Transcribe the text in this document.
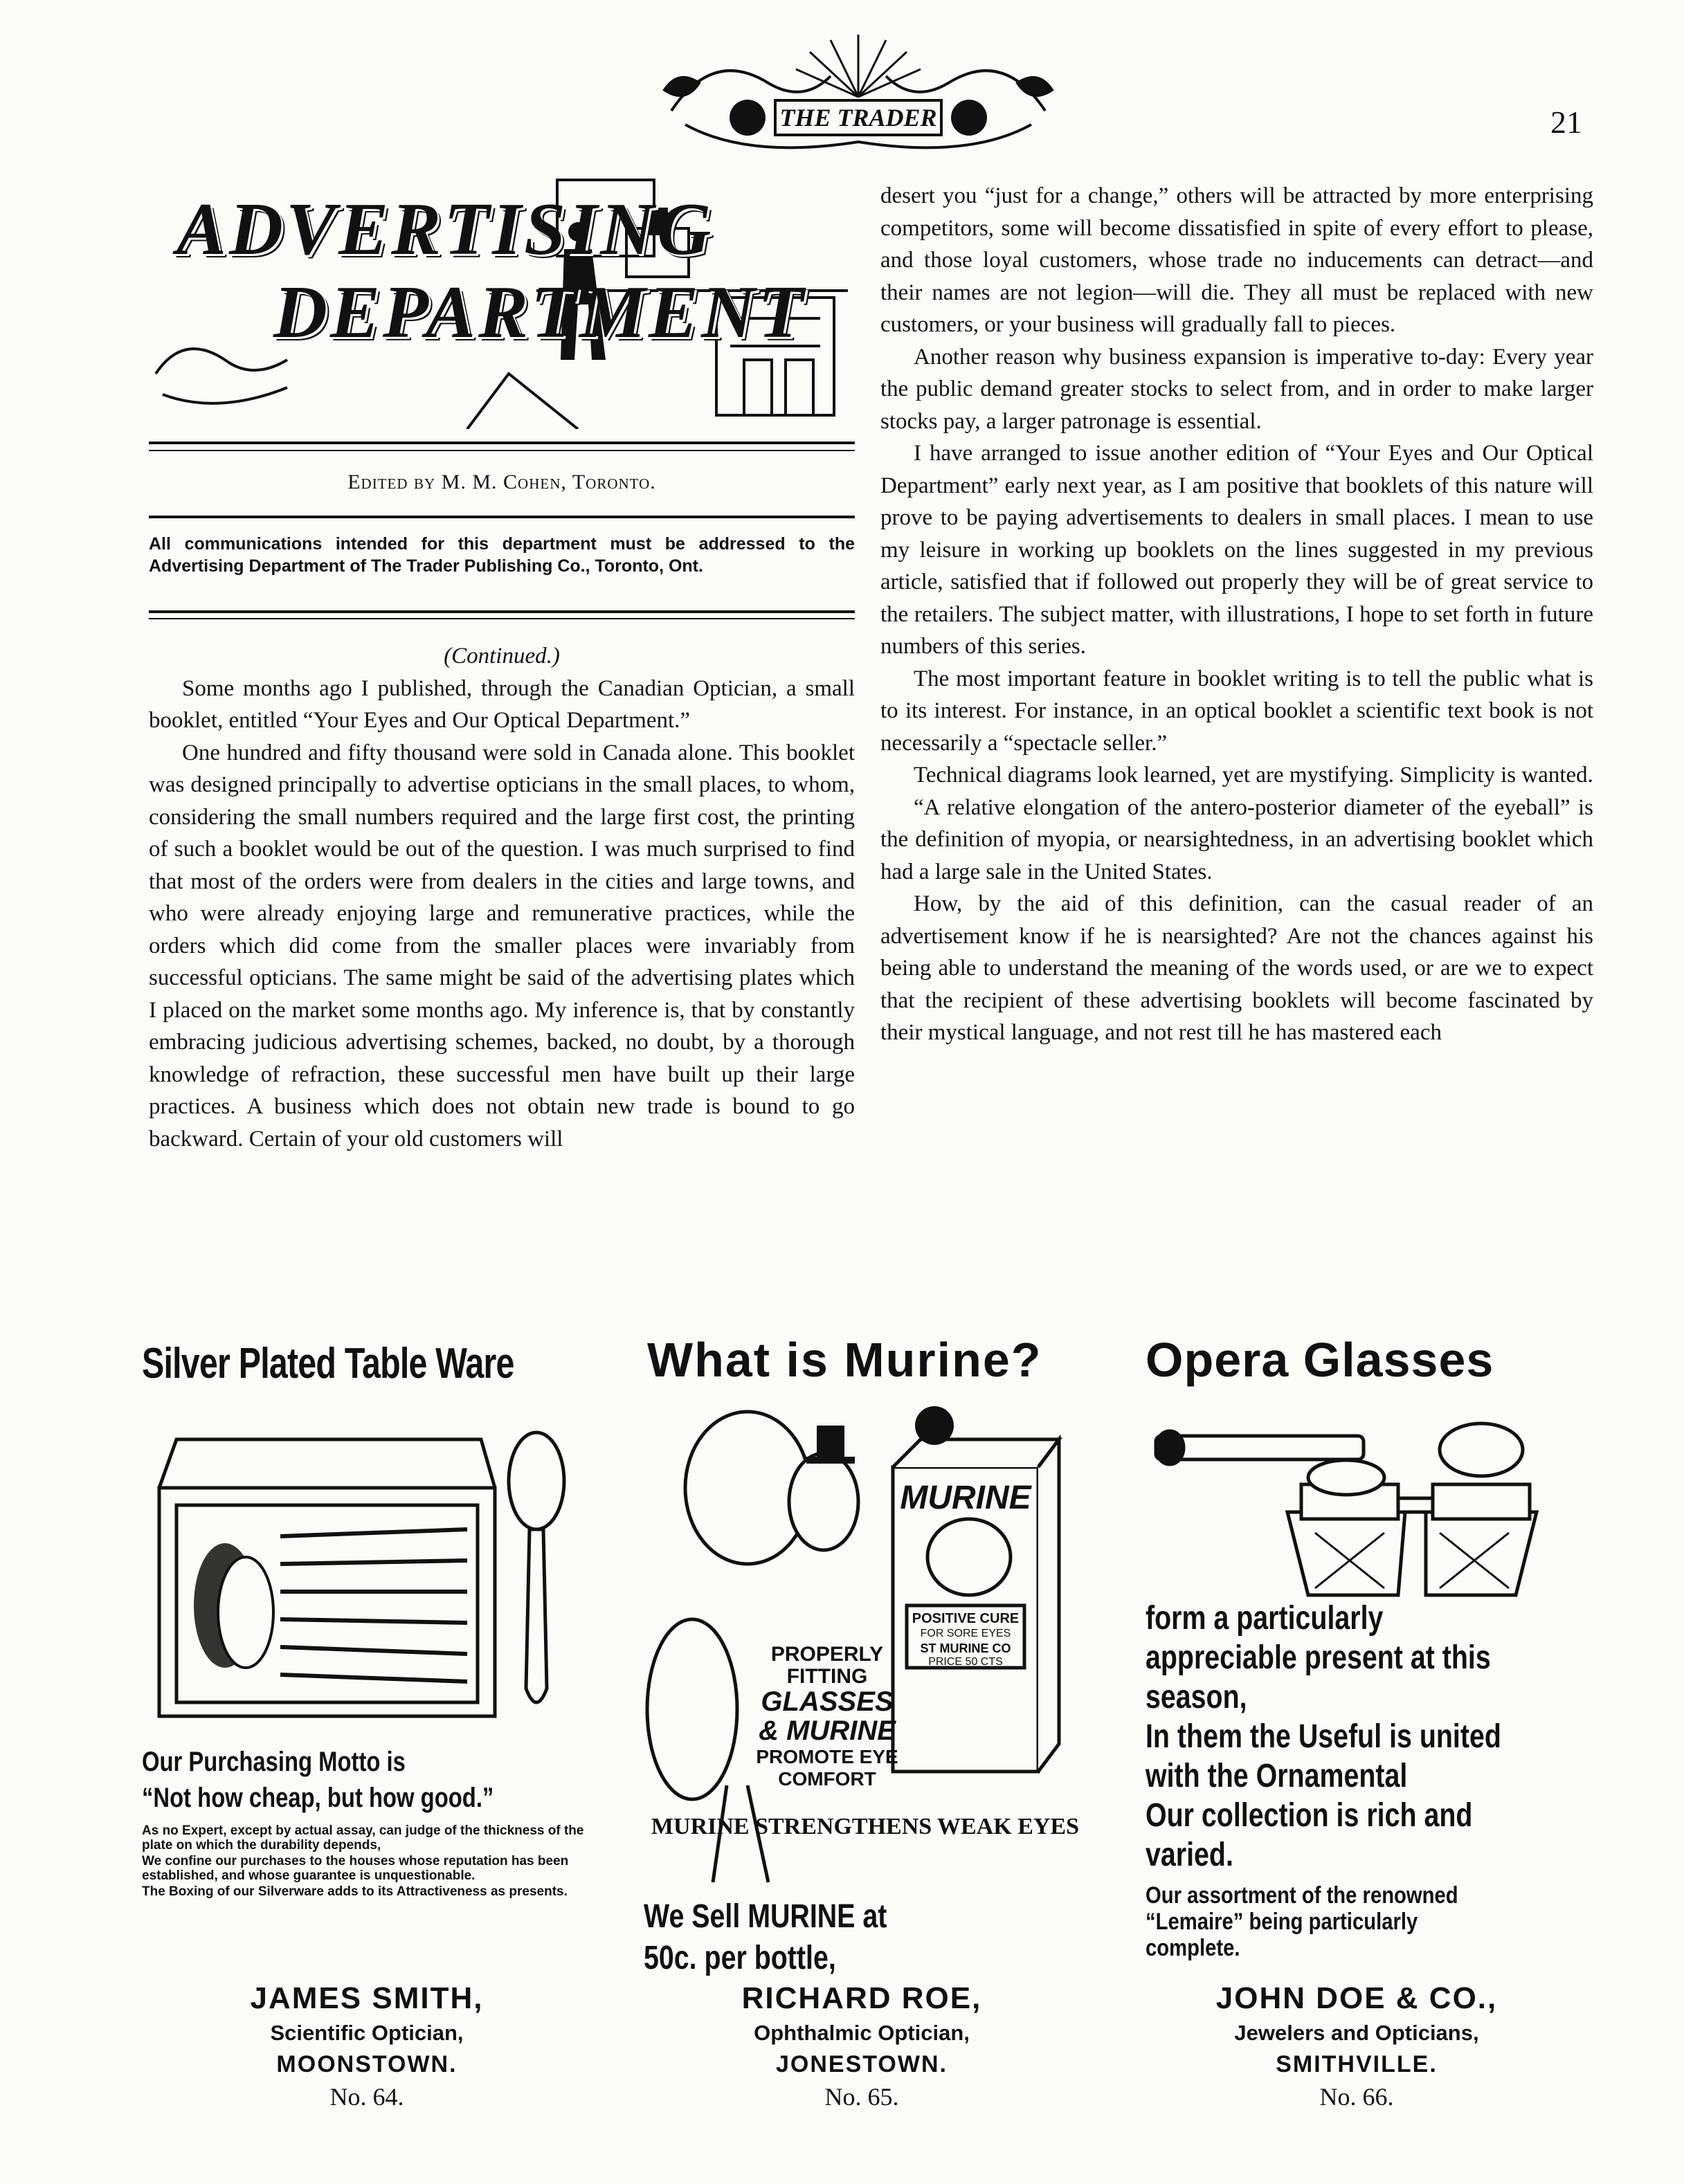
THE TRADER	21
ADVERTISING
DEPARTMENT
Edited by M. M. Cohen, Toronto.
All communications intended for this department must be addressed to the Advertising Department of The Trader Publishing Co., Toronto, Ont.

(Continued.)

Some months ago I published, through the Canadian Optician, a small booklet, entitled “Your Eyes and Our Optical Department.”

One hundred and fifty thousand were sold in Canada alone. This booklet was designed principally to advertise opticians in the small places, to whom, considering the small numbers required and the large first cost, the printing of such a booklet would be out of the question. I was much surprised to find that most of the orders were from dealers in the cities and large towns, and who were already enjoying large and remunerative practices, while the orders which did come from the smaller places were invariably from successful opticians. The same might be said of the advertising plates which I placed on the market some months ago. My inference is, that by constantly embracing judicious advertising schemes, backed, no doubt, by a thorough knowledge of refraction, these successful men have built up their large practices. A business which does not obtain new trade is bound to go backward. Certain of your old customers will

desert you “just for a change,” others will be attracted by more enterprising competitors, some will become dissatisfied in spite of every effort to please, and those loyal customers, whose trade no inducements can detract—and their names are not legion—will die. They all must be replaced with new customers, or your business will gradually fall to pieces.

Another reason why business expansion is imperative to-day: Every year the public demand greater stocks to select from, and in order to make larger stocks pay, a larger patronage is essential.

I have arranged to issue another edition of “Your Eyes and Our Optical Department” early next year, as I am positive that booklets of this nature will prove to be paying advertisements to dealers in small places. I mean to use my leisure in working up booklets on the lines suggested in my previous article, satisfied that if followed out properly they will be of great service to the retailers. The subject matter, with illustrations, I hope to set forth in future numbers of this series.

The most important feature in booklet writing is to tell the public what is to its interest. For instance, in an optical booklet a scientific text book is not necessarily a “spectacle seller.”

Technical diagrams look learned, yet are mystifying. Simplicity is wanted.

“A relative elongation of the antero-posterior diameter of the eyeball” is the definition of myopia, or nearsightedness, in an advertising booklet which had a large sale in the United States.

How, by the aid of this definition, can the casual reader of an advertisement know if he is nearsighted? Are not the chances against his being able to understand the meaning of the words used, or are we to expect that the recipient of these advertising booklets will become fascinated by their mystical language, and not rest till he has mastered each

Silver Plated Table Ware
Our Purchasing Motto is
“Not how cheap, but how good.”

As no Expert, except by actual assay, can judge of the thickness of the plate on which the durability depends,

We confine our purchases to the houses whose reputation has been established, and whose guarantee is unquestionable.

The Boxing of our Silverware adds to its Attractiveness as presents.

JAMES SMITH,
Scientific Optician,
MOONSTOWN.
No. 64.
What is Murine?
MURINE
POSITIVE CURE
FOR SORE EYES
ST MURINE CO
PRICE 50 CTS
PROPERLY
FITTING
GLASSES
& MURINE
PROMOTE EYE
COMFORT
MURINE STRENGTHENS WEAK EYES
We Sell MURINE at
50c. per bottle,
RICHARD ROE,
Ophthalmic Optician,
JONESTOWN.
No. 65.
Opera Glasses
form a particularly
appreciable present at this
season,
In them the Useful is united
with the Ornamental
Our collection is rich and
varied.
Our assortment of the renowned
“Lemaire” being particularly
complete.
JOHN DOE & CO.,
Jewelers and Opticians,
SMITHVILLE.
No. 66.
